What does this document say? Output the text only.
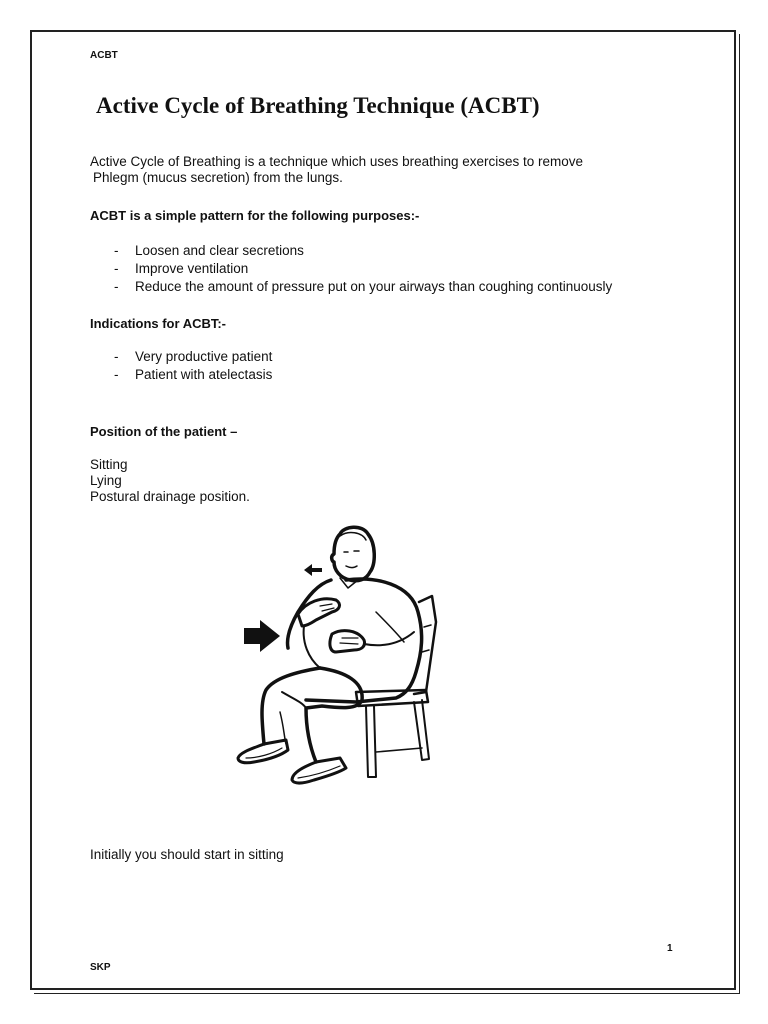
ACBT
Active Cycle of Breathing Technique (ACBT)
Active Cycle of Breathing is a technique which uses breathing exercises to remove
Phlegm (mucus secretion) from the lungs.
ACBT is a simple pattern for the following purposes:-
- Loosen and clear secretions
- Improve ventilation
- Reduce the amount of pressure put on your airways than coughing continuously
Indications for ACBT:-
- Very productive patient
- Patient with atelectasis
Position of the patient –
Sitting
Lying
Postural drainage position.
Initially you should start in sitting
1
SKP
